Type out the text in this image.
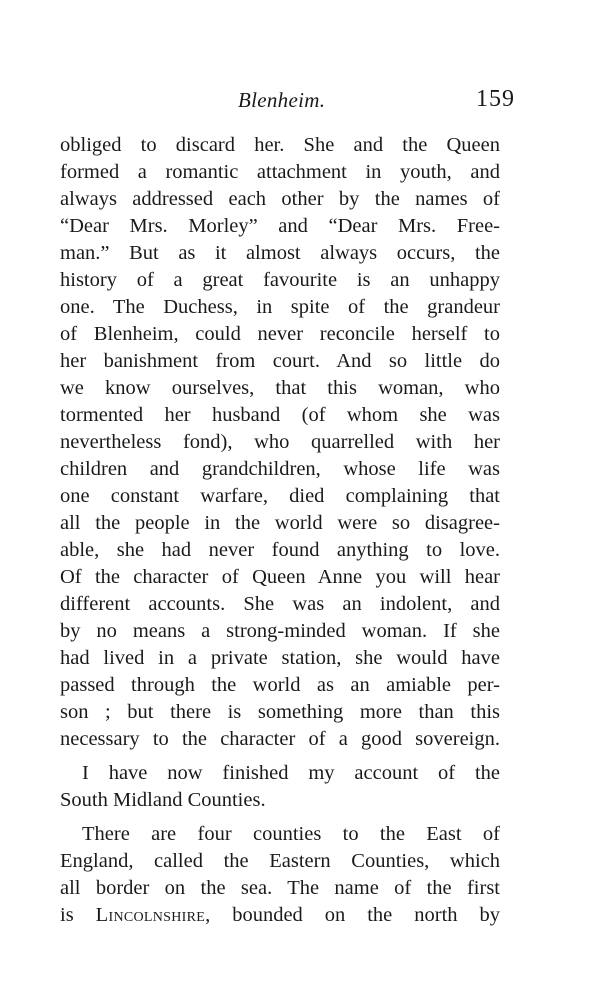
Blenheim.	159
obliged to discard her. She and the Queen
formed a romantic attachment in youth, and
always addressed each other by the names of
“Dear Mrs. Morley” and “Dear Mrs. Free-
man.” But as it almost always occurs, the
history of a great favourite is an unhappy
one. The Duchess, in spite of the grandeur
of Blenheim, could never reconcile herself to
her banishment from court. And so little do
we know ourselves, that this woman, who
tormented her husband (of whom she was
nevertheless fond), who quarrelled with her
children and grandchildren, whose life was
one constant warfare, died complaining that
all the people in the world were so disagree-
able, she had never found anything to love.
Of the character of Queen Anne you will hear
different accounts. She was an indolent, and
by no means a strong-minded woman. If she
had lived in a private station, she would have
passed through the world as an amiable per-
son ; but there is something more than this
necessary to the character of a good sovereign.
I have now finished my account of the
South Midland Counties.
There are four counties to the East of
England, called the Eastern Counties, which
all border on the sea. The name of the first
is Lincolnshire, bounded on the north by
